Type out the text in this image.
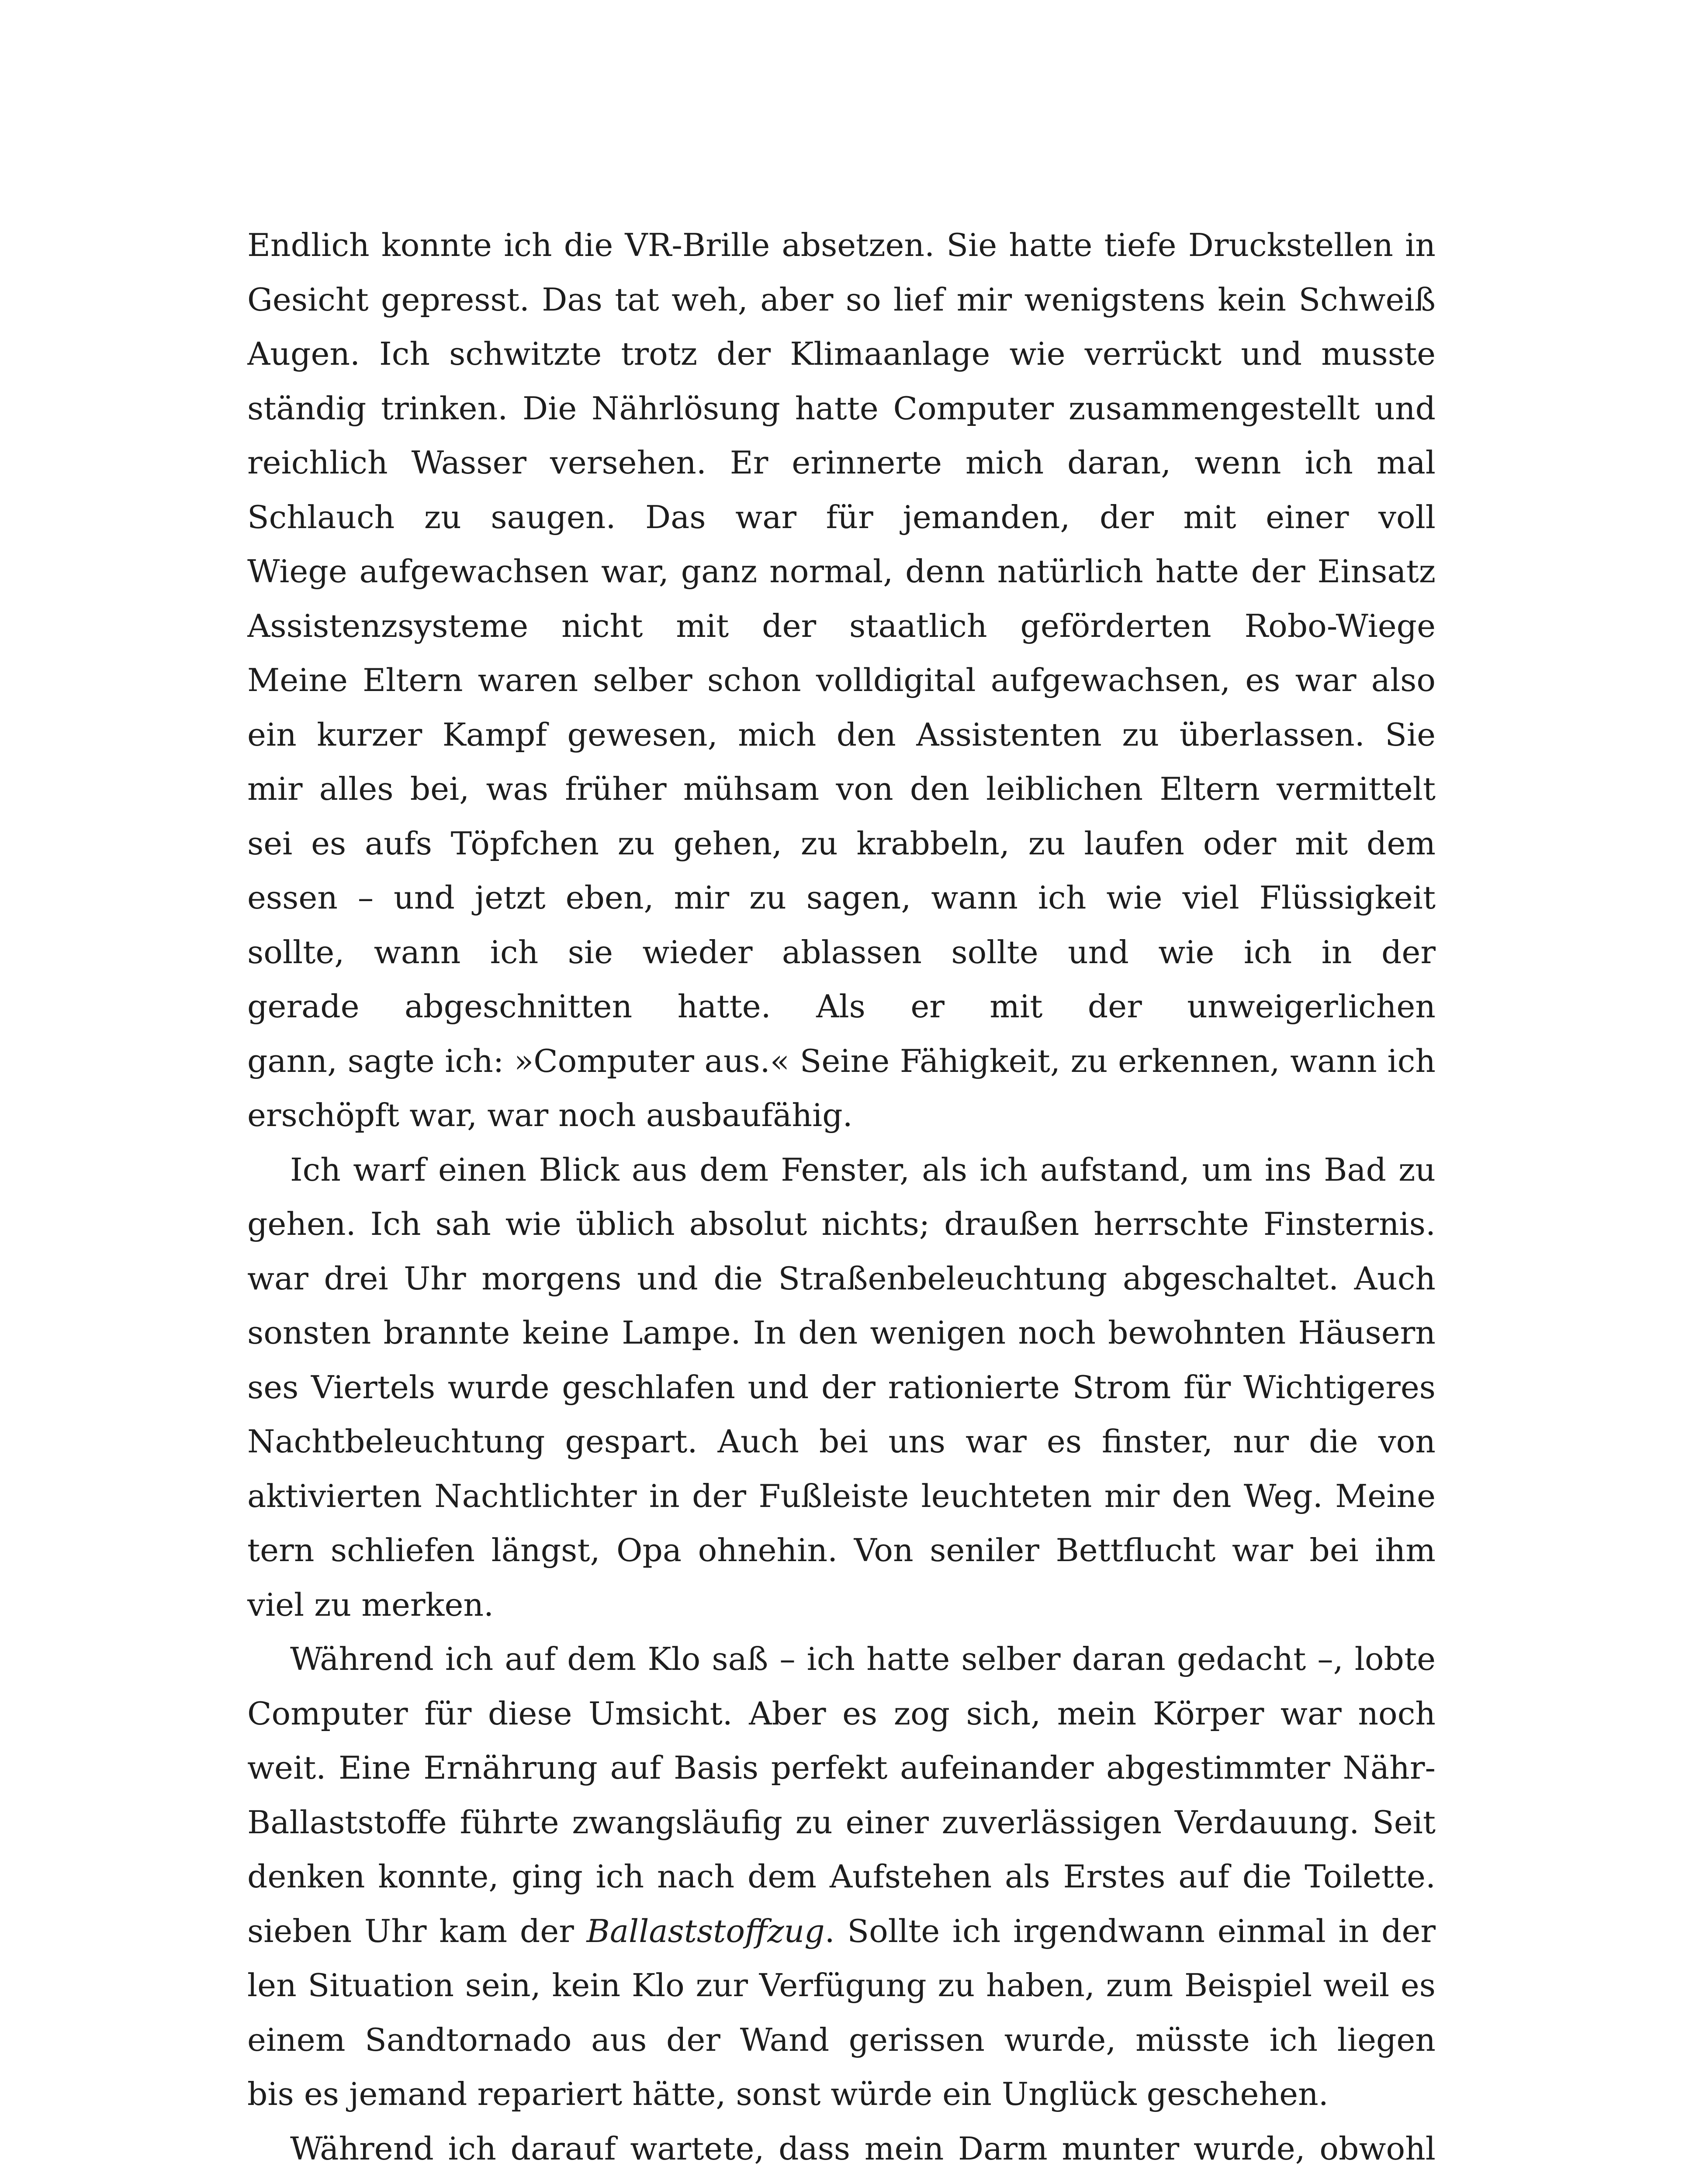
Endlich konnte ich die VR-Brille absetzen. Sie hatte tiefe Druckstellen in
Gesicht gepresst. Das tat weh, aber so lief mir wenigstens kein Schweiß
Augen. Ich schwitzte trotz der Klimaanlage wie verrückt und musste
ständig trinken. Die Nährlösung hatte Computer zusammengestellt und
reichlich Wasser versehen. Er erinnerte mich daran, wenn ich mal
Schlauch zu saugen. Das war für jemanden, der mit einer voll
Wiege aufgewachsen war, ganz normal, denn natürlich hatte der Einsatz
Assistenzsysteme nicht mit der staatlich geförderten Robo-Wiege
Meine Eltern waren selber schon volldigital aufgewachsen, es war also
ein kurzer Kampf gewesen, mich den Assistenten zu überlassen. Sie
mir alles bei, was früher mühsam von den leiblichen Eltern vermittelt
sei es aufs Töpfchen zu gehen, zu krabbeln, zu laufen oder mit dem
essen – und jetzt eben, mir zu sagen, wann ich wie viel Flüssigkeit
sollte, wann ich sie wieder ablassen sollte und wie ich in der
gerade abgeschnitten hatte. Als er mit der unweigerlichen
gann, sagte ich: »Computer aus.« Seine Fähigkeit, zu erkennen, wann ich
erschöpft war, war noch ausbaufähig.
Ich warf einen Blick aus dem Fenster, als ich aufstand, um ins Bad zu
gehen. Ich sah wie üblich absolut nichts; draußen herrschte Finsternis.
war drei Uhr morgens und die Straßenbeleuchtung abgeschaltet. Auch
sonsten brannte keine Lampe. In den wenigen noch bewohnten Häusern
ses Viertels wurde geschlafen und der rationierte Strom für Wichtigeres
Nachtbeleuchtung gespart. Auch bei uns war es finster, nur die von
aktivierten Nachtlichter in der Fußleiste leuchteten mir den Weg. Meine
tern schliefen längst, Opa ohnehin. Von seniler Bettflucht war bei ihm
viel zu merken.
Während ich auf dem Klo saß – ich hatte selber daran gedacht –, lobte
Computer für diese Umsicht. Aber es zog sich, mein Körper war noch
weit. Eine Ernährung auf Basis perfekt aufeinander abgestimmter Nähr-
Ballaststoffe führte zwangsläufig zu einer zuverlässigen Verdauung. Seit
denken konnte, ging ich nach dem Aufstehen als Erstes auf die Toilette.
sieben Uhr kam der Ballaststoffzug. Sollte ich irgendwann einmal in der
len Situation sein, kein Klo zur Verfügung zu haben, zum Beispiel weil es
einem Sandtornado aus der Wand gerissen wurde, müsste ich liegen
bis es jemand repariert hätte, sonst würde ein Unglück geschehen.
Während ich darauf wartete, dass mein Darm munter wurde, obwohl
